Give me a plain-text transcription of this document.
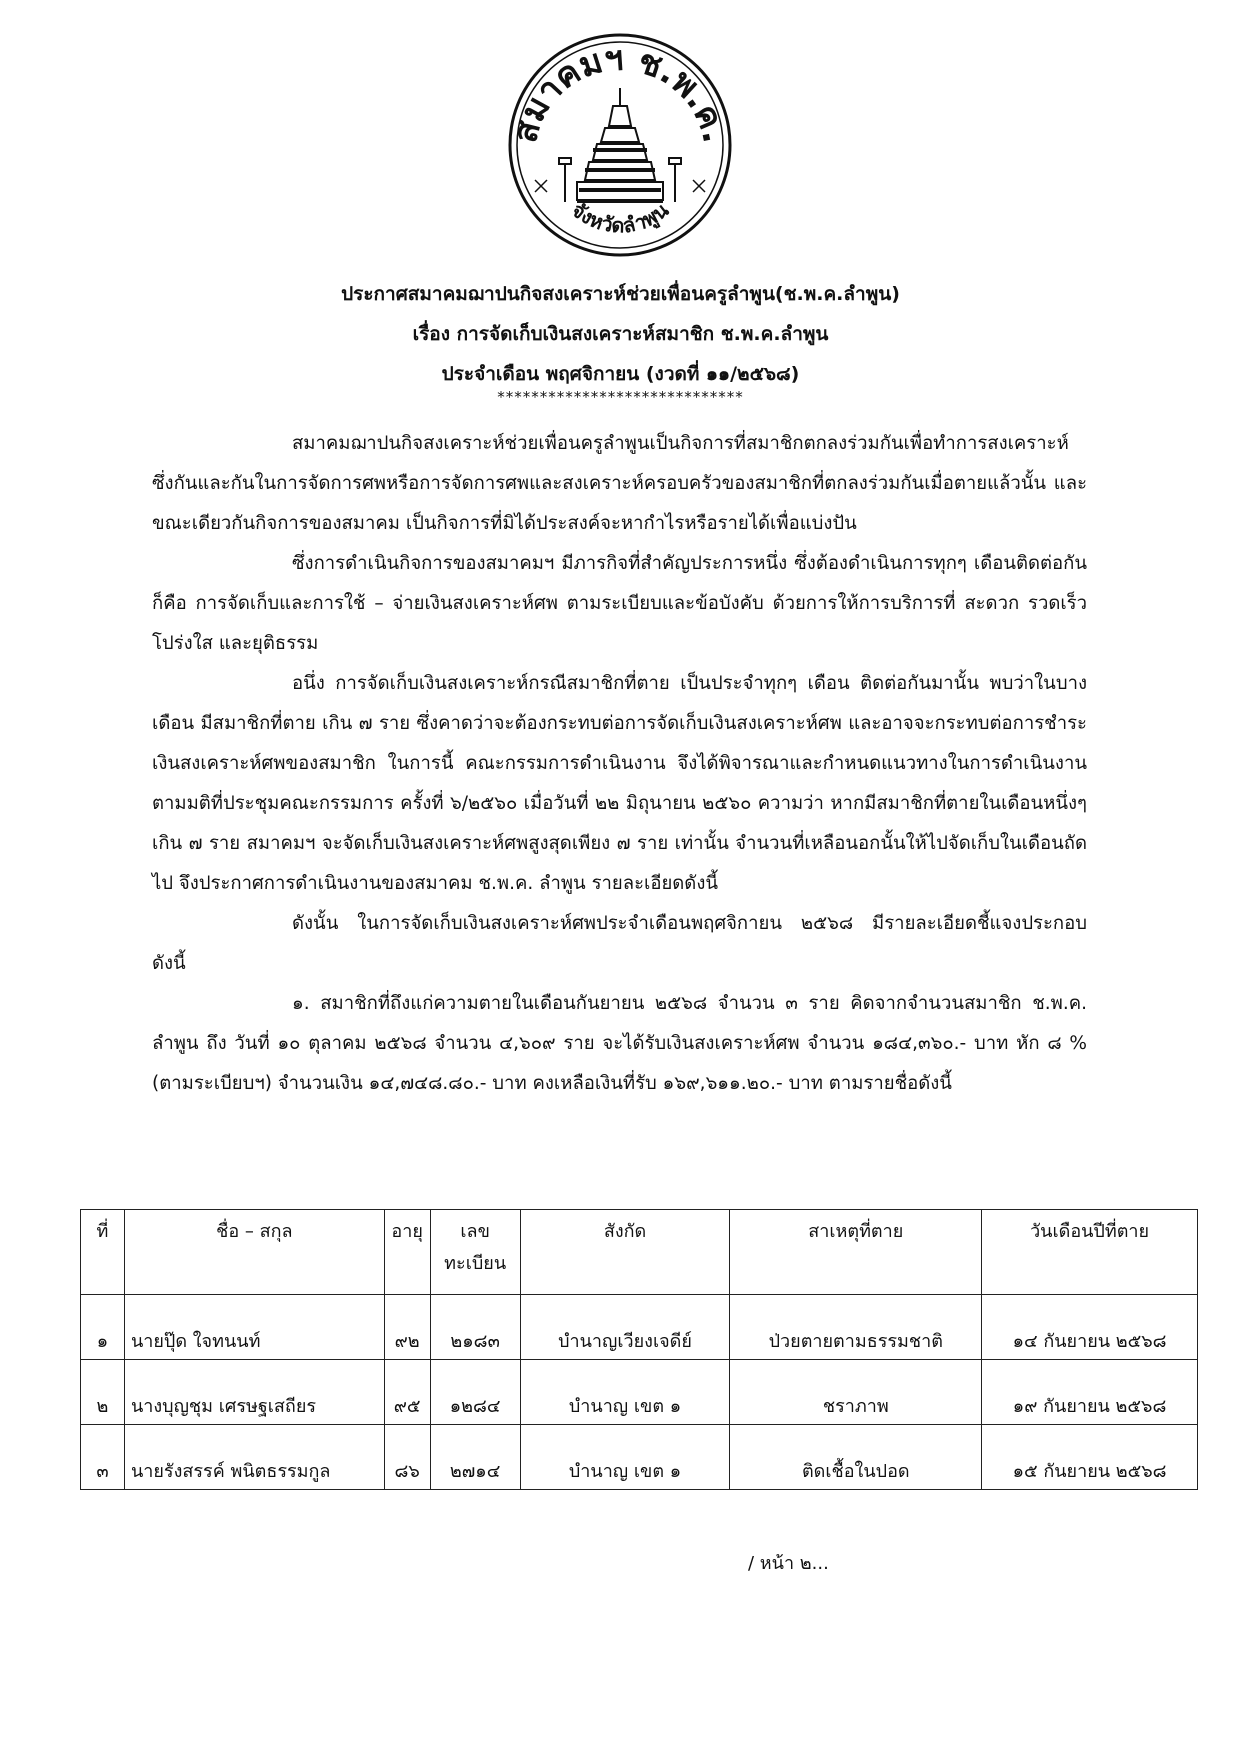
สมาคมฯ ช.พ.ค.
จังหวัดลำพูน
ประกาศสมาคมฌาปนกิจสงเคราะห์ช่วยเพื่อนครูลำพูน(ช.พ.ค.ลำพูน)
เรื่อง การจัดเก็บเงินสงเคราะห์สมาชิก ช.พ.ค.ลำพูน
ประจำเดือน พฤศจิกายน (งวดที่ ๑๑/๒๕๖๘)
*****************************

สมาคมฌาปนกิจสงเคราะห์ช่วยเพื่อนครูลำพูนเป็นกิจการที่สมาชิกตกลงร่วมกันเพื่อทำการสงเคราะห์ซึ่งกันและกันในการจัดการศพหรือการจัดการศพและสงเคราะห์ครอบครัวของสมาชิกที่ตกลงร่วมกันเมื่อตายแล้วนั้น และขณะเดียวกันกิจการของสมาคม เป็นกิจการที่มิได้ประสงค์จะหากำไรหรือรายได้เพื่อแบ่งปัน

ซึ่งการดำเนินกิจการของสมาคมฯ มีภารกิจที่สำคัญประการหนึ่ง ซึ่งต้องดำเนินการทุกๆ เดือนติดต่อกันก็คือ การจัดเก็บและการใช้ – จ่ายเงินสงเคราะห์ศพ ตามระเบียบและข้อบังคับ ด้วยการให้การบริการที่ สะดวก รวดเร็ว โปร่งใส และยุติธรรม

อนึ่ง การจัดเก็บเงินสงเคราะห์กรณีสมาชิกที่ตาย เป็นประจำทุกๆ เดือน ติดต่อกันมานั้น พบว่าในบางเดือน มีสมาชิกที่ตาย เกิน ๗ ราย ซึ่งคาดว่าจะต้องกระทบต่อการจัดเก็บเงินสงเคราะห์ศพ และอาจจะกระทบต่อการชำระเงินสงเคราะห์ศพของสมาชิก ในการนี้ คณะกรรมการดำเนินงาน จึงได้พิจารณาและกำหนดแนวทางในการดำเนินงาน ตามมติที่ประชุมคณะกรรมการ ครั้งที่ ๖/๒๕๖๐ เมื่อวันที่ ๒๒ มิถุนายน ๒๕๖๐ ความว่า หากมีสมาชิกที่ตายในเดือนหนึ่งๆ เกิน ๗ ราย สมาคมฯ จะจัดเก็บเงินสงเคราะห์ศพสูงสุดเพียง ๗ ราย เท่านั้น จำนวนที่เหลือนอกนั้นให้ไปจัดเก็บในเดือนถัดไป จึงประกาศการดำเนินงานของสมาคม ช.พ.ค. ลำพูน รายละเอียดดังนี้

ดังนั้น ในการจัดเก็บเงินสงเคราะห์ศพประจำเดือนพฤศจิกายน ๒๕๖๘ มีรายละเอียดชี้แจงประกอบ ดังนี้

๑. สมาชิกที่ถึงแก่ความตายในเดือนกันยายน ๒๕๖๘ จำนวน ๓ ราย คิดจากจำนวนสมาชิก ช.พ.ค. ลำพูน ถึง วันที่ ๑๐ ตุลาคม ๒๕๖๘ จำนวน ๔,๖๐๙ ราย จะได้รับเงินสงเคราะห์ศพ จำนวน ๑๘๔,๓๖๐.- บาท หัก ๘ % (ตามระเบียบฯ) จำนวนเงิน ๑๔,๗๔๘.๘๐.- บาท คงเหลือเงินที่รับ ๑๖๙,๖๑๑.๒๐.- บาท ตามรายชื่อดังนี้

ที่	ชื่อ – สกุล	อายุ	เลข ทะเบียน	สังกัด	สาเหตุที่ตาย	วันเดือนปีที่ตาย
๑	นายปุ๊ด ใจทนนท์	๙๒	๒๑๘๓	บำนาญเวียงเจดีย์	ป่วยตายตามธรรมชาติ	๑๔ กันยายน ๒๕๖๘
๒	นางบุญชุม เศรษฐเสถียร	๙๕	๑๒๘๔	บำนาญ เขต ๑	ชราภาพ	๑๙ กันยายน ๒๕๖๘
๓	นายรังสรรค์ พนิตธรรมกูล	๘๖	๒๗๑๔	บำนาญ เขต ๑	ติดเชื้อในปอด	๑๕ กันยายน ๒๕๖๘
/ หน้า ๒...
